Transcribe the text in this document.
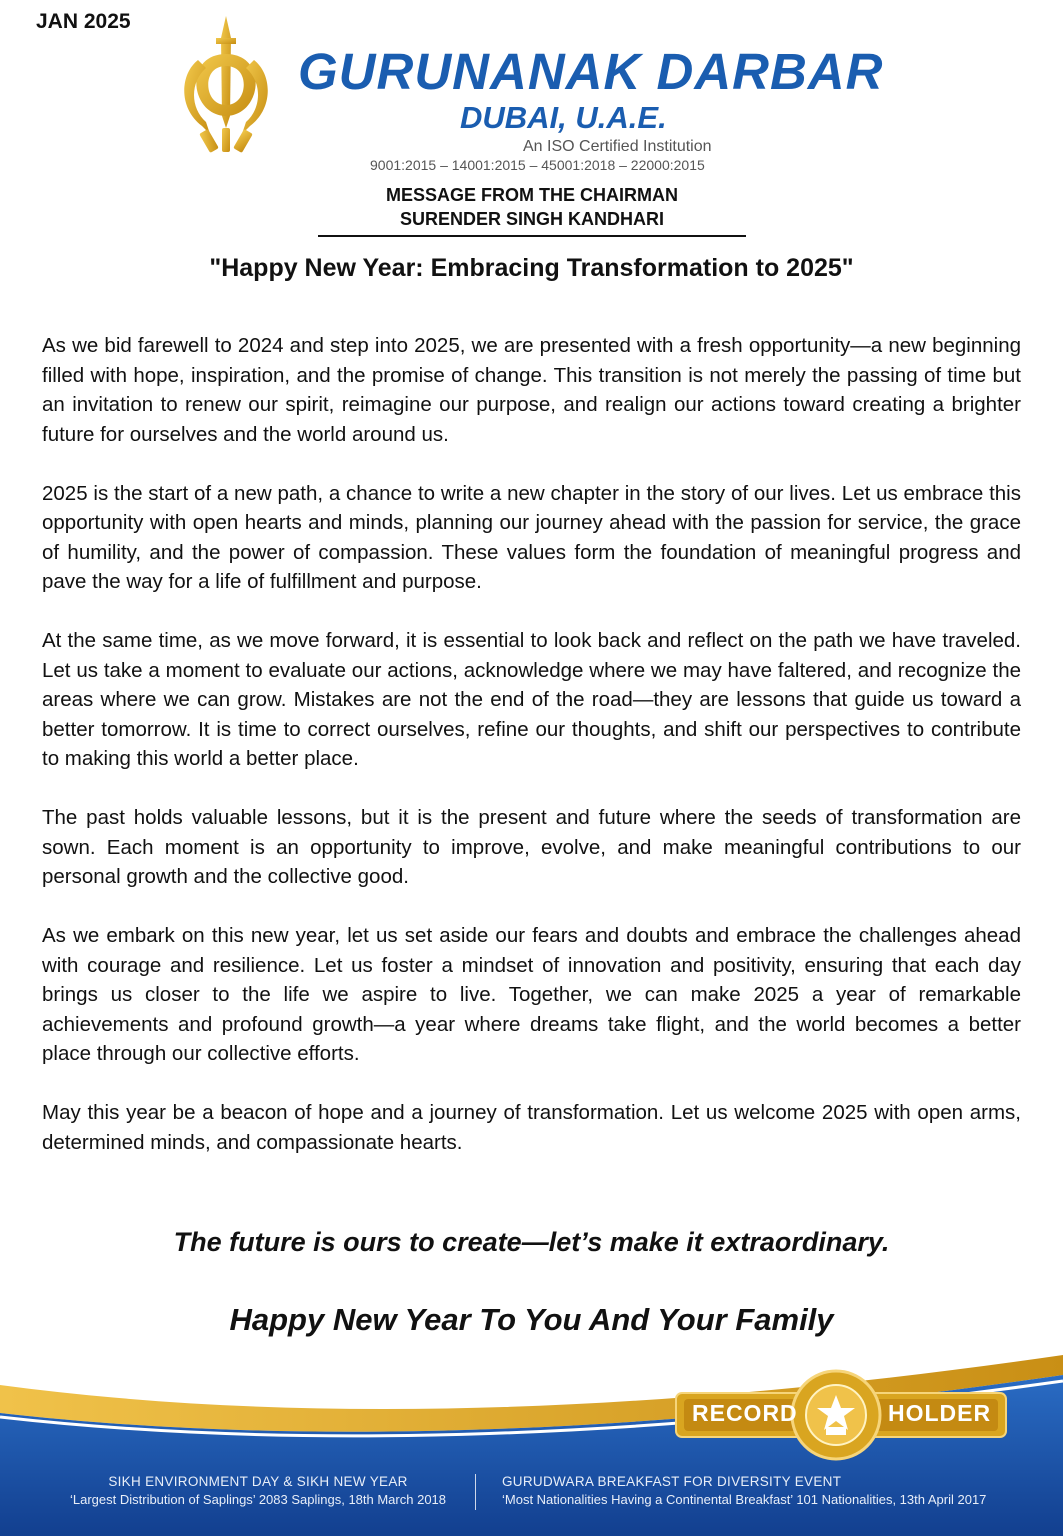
JAN 2025
GURUNANAK DARBAR
DUBAI, U.A.E.
An ISO Certified Institution
9001:2015 – 14001:2015 – 45001:2018 – 22000:2015
MESSAGE FROM THE CHAIRMAN
SURENDER SINGH KANDHARI
"Happy New Year: Embracing Transformation to 2025"

As we bid farewell to 2024 and step into 2025, we are presented with a fresh opportunity—a new beginning filled with hope, inspiration, and the promise of change. This transition is not merely the passing of time but an invitation to renew our spirit, reimagine our purpose, and realign our actions toward creating a brighter future for ourselves and the world around us.

2025 is the start of a new path, a chance to write a new chapter in the story of our lives. Let us embrace this opportunity with open hearts and minds, planning our journey ahead with the passion for service, the grace of humility, and the power of compassion. These values form the foundation of meaningful progress and pave the way for a life of fulfillment and purpose.

At the same time, as we move forward, it is essential to look back and reflect on the path we have traveled. Let us take a moment to evaluate our actions, acknowledge where we may have faltered, and recognize the areas where we can grow. Mistakes are not the end of the road—they are lessons that guide us toward a better tomorrow. It is time to correct ourselves, refine our thoughts, and shift our perspectives to contribute to making this world a better place.

The past holds valuable lessons, but it is the present and future where the seeds of transformation are sown. Each moment is an opportunity to improve, evolve, and make meaningful contributions to our personal growth and the collective good.

As we embark on this new year, let us set aside our fears and doubts and embrace the challenges ahead with courage and resilience. Let us foster a mindset of innovation and positivity, ensuring that each day brings us closer to the life we aspire to live. Together, we can make 2025 a year of remarkable achievements and profound growth—a year where dreams take flight, and the world becomes a better place through our collective efforts.

May this year be a beacon of hope and a journey of transformation. Let us welcome 2025 with open arms, determined minds, and compassionate hearts.

The future is ours to create—let’s make it extraordinary.
Happy New Year To You And Your Family
RECORD	HOLDER
SIKH ENVIRONMENT DAY & SIKH NEW YEAR
‘Largest Distribution of Saplings’ 2083 Saplings, 18th March 2018
GURUDWARA BREAKFAST FOR DIVERSITY EVENT
‘Most Nationalities Having a Continental Breakfast’ 101 Nationalities, 13th April 2017
